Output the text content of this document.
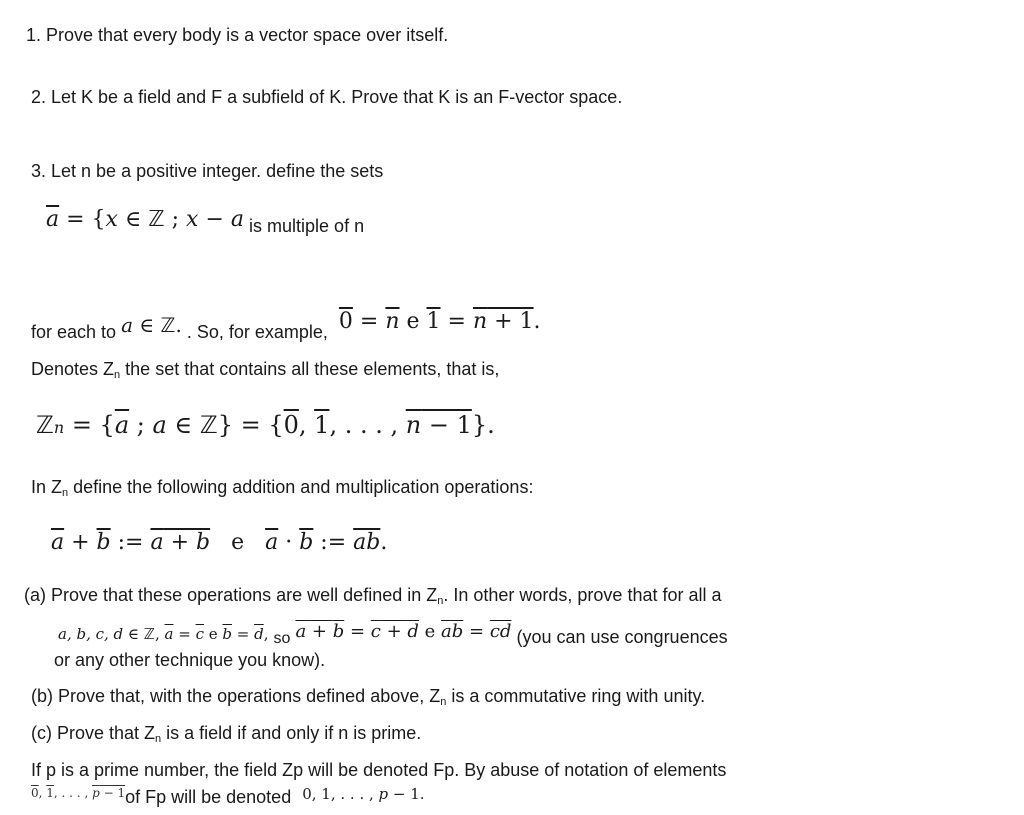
1. Prove that every body is a vector space over itself.
2. Let K be a field and F a subfield of K. Prove that K is an F-vector space.
3. Let n be a positive integer. define the sets
$\overline{a} = \{x$ ∈ ℤ ; x − a is multiple of n
for each to a ∈ ℤ. . So, for example, $0 = \overline{n}$ e 1 = n + 1.
Denotes Zn the set that contains all these elements, that is,
ℤn = {$\overline{a}$ ; a ∈ ℤ} = {0, 1, . . . , n − 1}.
In Zn define the following addition and multiplication operations:
$\overline{a} + \overline{b}$ := a + b   e   $\overline{a} \cdot \overline{b}$ := $\overline{ab}$.
(a) Prove that these operations are well defined in Zn. In other words, prove that for all a
a, b, c, d ∈ ℤ, $\overline{a} = \overline{c}$ e $\overline{b} = \overline{d}$, so a + b = c + d e $\overline{ab} = \overline{cd}$ (you can use congruences
or any other technique you know).
(b) Prove that, with the operations defined above, Zn is a commutative ring with unity.
(c) Prove that Zn is a field if and only if n is prime.
If p is a prime number, the field Zp will be denoted Fp. By abuse of notation of elements
$^{0, 1, . . . , p - 1}$of Fp will be denoted $^{0, 1, . . . , p - 1.}$
